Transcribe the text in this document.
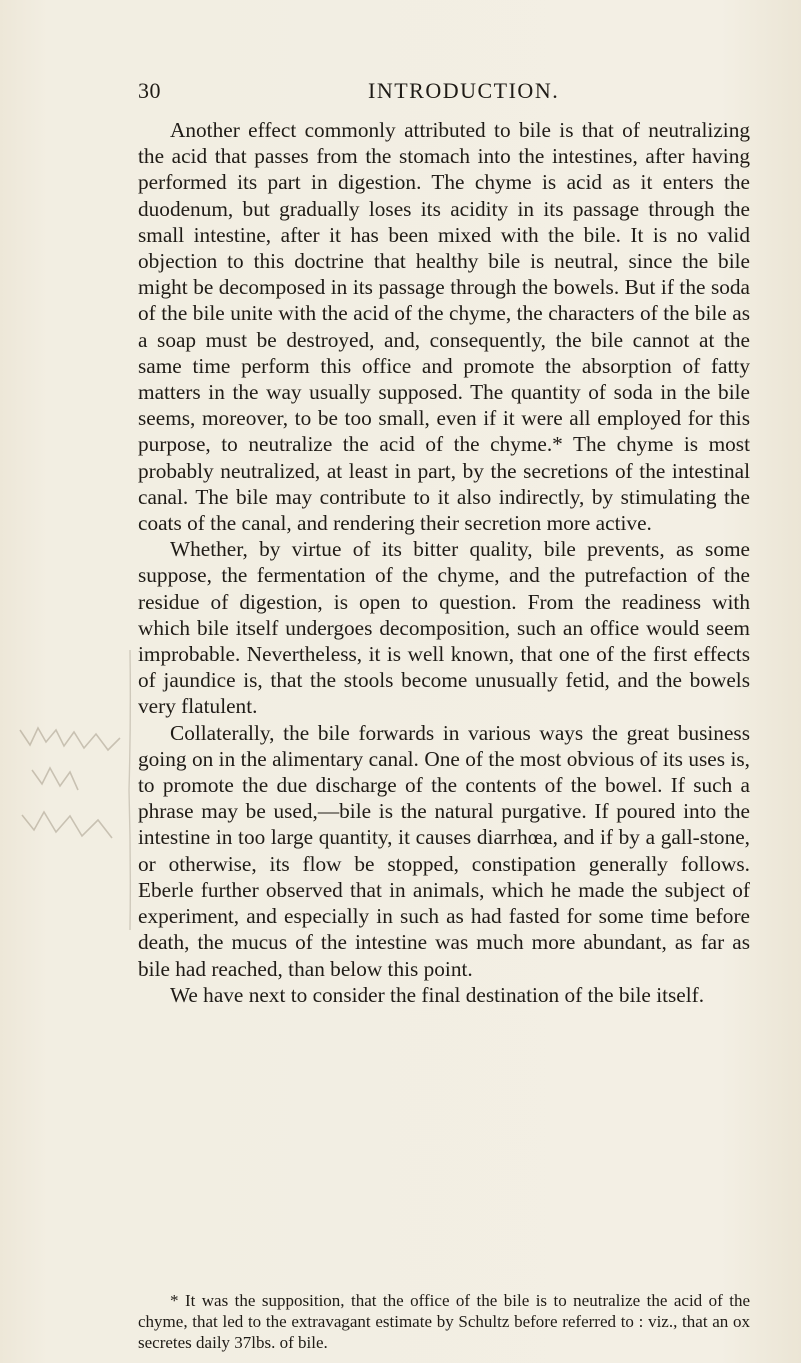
30	INTRODUCTION.

Another effect commonly attributed to bile is that of neutralizing the acid that passes from the stomach into the intestines, after having performed its part in digestion. The chyme is acid as it enters the duodenum, but gradually loses its acidity in its passage through the small intestine, after it has been mixed with the bile. It is no valid objection to this doctrine that healthy bile is neutral, since the bile might be decomposed in its passage through the bowels. But if the soda of the bile unite with the acid of the chyme, the characters of the bile as a soap must be destroyed, and, consequently, the bile cannot at the same time perform this office and promote the absorption of fatty matters in the way usually supposed. The quantity of soda in the bile seems, moreover, to be too small, even if it were all employed for this purpose, to neutralize the acid of the chyme.* The chyme is most probably neutralized, at least in part, by the secretions of the intestinal canal. The bile may contribute to it also indirectly, by stimulating the coats of the canal, and rendering their secretion more active.

Whether, by virtue of its bitter quality, bile prevents, as some suppose, the fermentation of the chyme, and the putrefaction of the residue of digestion, is open to question. From the readiness with which bile itself undergoes decomposition, such an office would seem improbable. Nevertheless, it is well known, that one of the first effects of jaundice is, that the stools become unusually fetid, and the bowels very flatulent.

Collaterally, the bile forwards in various ways the great business going on in the alimentary canal. One of the most obvious of its uses is, to promote the due discharge of the contents of the bowel. If such a phrase may be used,—bile is the natural purgative. If poured into the intestine in too large quantity, it causes diarrhœa, and if by a gall-stone, or otherwise, its flow be stopped, constipation generally follows. Eberle further observed that in animals, which he made the subject of experiment, and especially in such as had fasted for some time before death, the mucus of the intestine was much more abundant, as far as bile had reached, than below this point.

We have next to consider the final destination of the bile itself.

* It was the supposition, that the office of the bile is to neutralize the acid of the chyme, that led to the extravagant estimate by Schultz before referred to : viz., that an ox secretes daily 37lbs. of bile.
